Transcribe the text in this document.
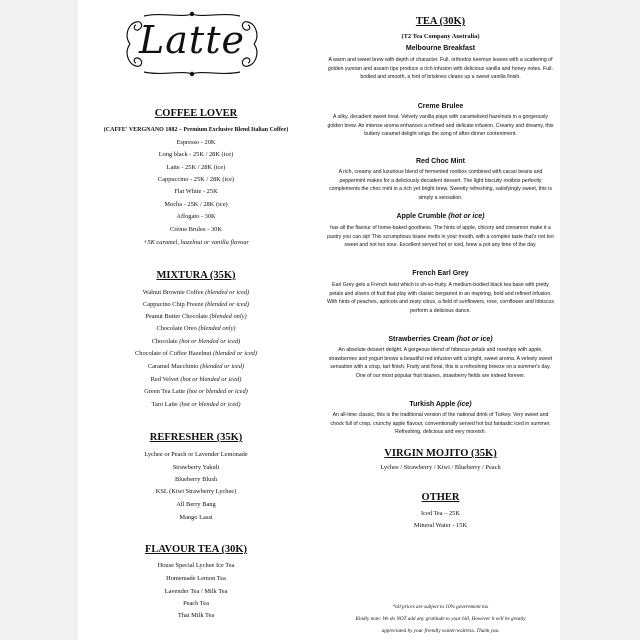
Latte
COFFEE LOVER
(CAFFE' VERGNANO 1882 – Premium Exclusive Blend Italian Coffee)
Espresso - 20K
Long black - 25K / 28K (ice)
Latte - 25K / 28K (ice)
Cappuccino - 25K / 28K (ice)
Flat White - 25K
Mocha - 25K / 28K (ice)
Affogato - 30K
Crème Brulee - 30K
+5K caramel, hazelnut or vanilla flavour
MIXTURA (35K)
Walnut Brownie Coffee (blended or iced)
Cappucino Chip Freeze (blended or iced)
Peanut Butter Chocolate (blended only)
Chocolate Oreo (blended only)
Chocolate (hot or blended or iced)
Chocolate of Coffee Hazelnut (blended or iced)
Caramel Macchinto (blended or iced)
Red Velvet (hot or blended or iced)
Green Tea Latte (hot or blended or iced)
Taro Latte (hot or blended or iced)
REFRESHER (35K)
Lychee or Peach or Lavender Lemonade
Strawberry Yakult
Blueberry Blush
KSL (Kiwi Strawberry Lychee)
All Berry Bang
Mango Lassi
FLAVOUR TEA (30K)
House Special Lychee Ice Tea
Homemade Lemon Tea
Lavender Tea / Milk Tea
Peach Tea
Thai Milk Tea
TEA (30K)
(T2 Tea Company Australia)
Melbourne Breakfast
A warm and sweet brew with depth of character. Full, orthodox keemun leaves with a scattering of golden yunnan and assam tips produce a rich infusion with delicious vanilla and honey notes. Full-bodied and smooth, a hint of brisknes cleans up a sweet vanilla finish.
Creme Brulee
A silky, decadent sweet treat. Velvety vanilla plays with caramelised hazelnuts in a gorgeously golden brew. An intense aroma enhances a refined and delicate infusion. Creamy and dreamy, this buttery caramel delight sings the song of after-dinner contentment.
Red Choc Mint
A rich, creamy and luxurious blend of fermented rooibos combined with cacao beans and peppermint makes for a deliciously decadent dessert. The light biscuity rooibos perfectly complements the choc mint in a rich yet bright brew. Sweetly refreshing, satisfyingly sweet, this is simply a sensation.
Apple Crumble (hot or ice)
has all the flavour of home-baked goodness. The hints of apple, chicory and cinnamon make it a pastry you can sip! This scrumptious tisane melts in your mouth, with a complex taste that's not too sweet and not too sour. Excellent served hot or iced, brew a pot any time of the day.
French Earl Grey
Earl Grey gets a French twist which is oh-so-fruity. A medium-bodied black tea base with pretty petals and slivers of fruit that play with classic bergamot in an inspiring, bold and refined infusion. With hints of peaches, apricots and zesty citrus, a field of sunflowers, rose, cornflower and hibiscus perform a delicious dance.
Strawberries Cream (hot or ice)
An absolute dessert delight. A gorgeous blend of hibiscus petals and rosehips with apple, strawberries and yogurt brews a beautiful red infusion with a bright, sweet aroma. A velvety sweet sensation with a crisp, tart finish. Fruity and floral, this is a refreshing breeze on a summer's day. One of our most popular fruit tisanes, strawberry fields are indeed forever.
Turkish Apple (ice)
An all-time classic, this is the traditional version of the national drink of Turkey. Very sweet and chock full of crisp, crunchy apple flavour, conventionally served hot but fantastic iced in summer. Refreshing, delicious and very moreish.
VIRGIN MOJITO (35K)
Lychee / Strawberry / Kiwi / Blueberry / Peach
OTHER
Iced Tea – 25K
Mineral Water - 15K
*all prices are subject to 10% government tax
Kindly note: We do NOT add any gratitude to your bill, However it will be greatly
appreciated by your friendly waiter/waitress. Thank you.
